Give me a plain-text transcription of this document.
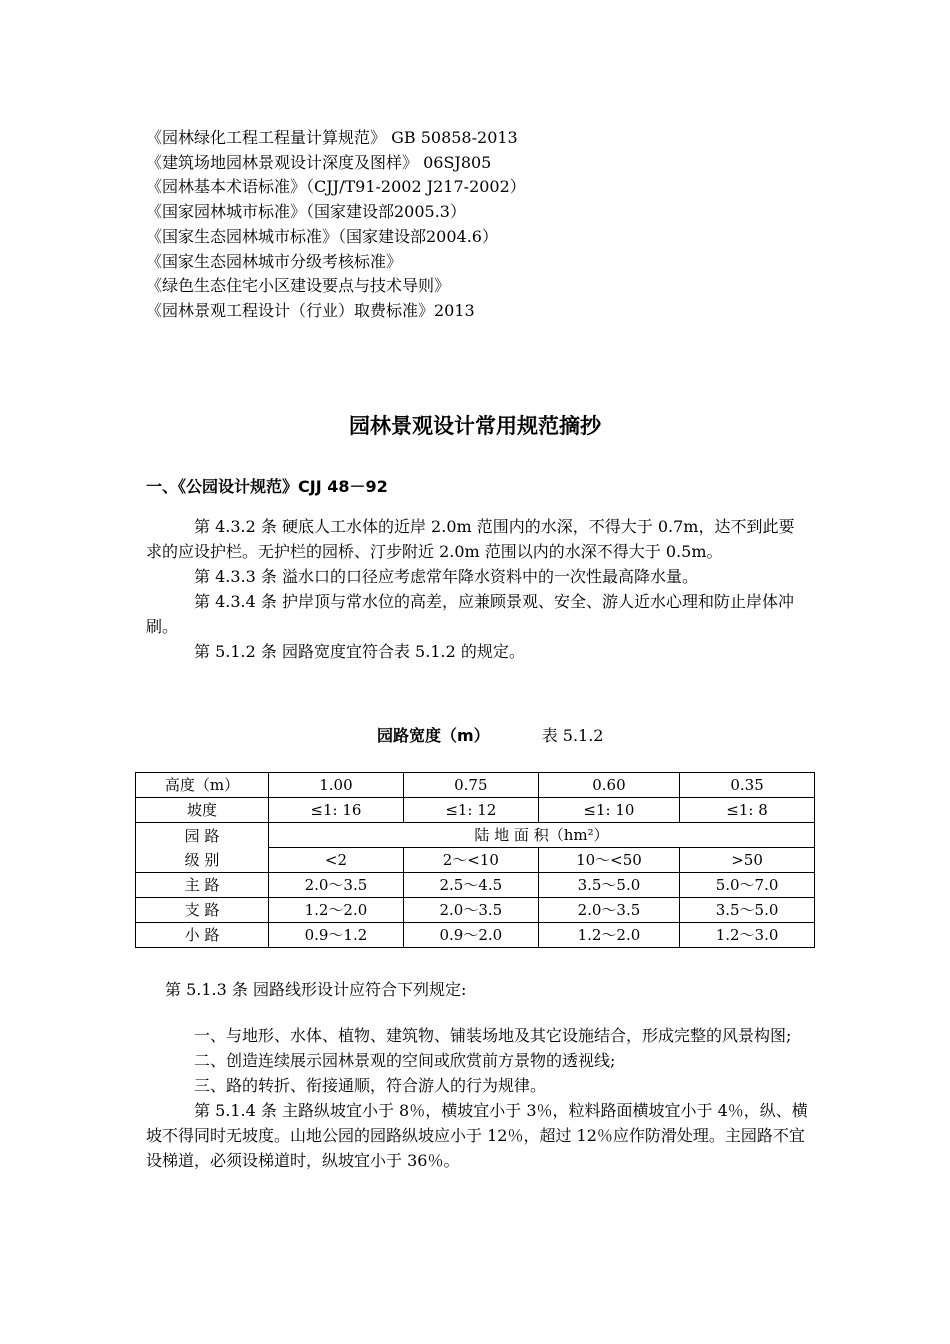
《园林绿化工程工程量计算规范》 GB 50858-2013
《建筑场地园林景观设计深度及图样》 06SJ805
《园林基本术语标准》（CJJ/T91-2002 J217-2002）
《国家园林城市标准》（国家建设部2005.3）
《国家生态园林城市标准》（国家建设部2004.6）
《国家生态园林城市分级考核标准》
《绿色生态住宅小区建设要点与技术导则》
《园林景观工程设计（行业）取费标准》2013
园林景观设计常用规范摘抄
一、《公园设计规范》CJJ 48－92

第 4.3.2 条 硬底人工水体的近岸 2.0m 范围内的水深，不得大于 0.7m，达不到此要求的应设护栏。无护栏的园桥、汀步附近 2.0m 范围以内的水深不得大于 0.5m。

第 4.3.3 条 溢水口的口径应考虑常年降水资料中的一次性最高降水量。

第 4.3.4 条 护岸顶与常水位的高差，应兼顾景观、安全、游人近水心理和防止岸体冲刷。

第 5.1.2 条 园路宽度宜符合表 5.1.2 的规定。

园路宽度（m）	表 5.1.2
高度（m）	1.00	0.75	0.60	0.35
坡度	≤1: 16	≤1: 12	≤1: 10	≤1: 8

园 路
级 别	陆 地 面 积（hm²）			
	<2	2～<10	10～<50	>50
主 路	2.0～3.5	2.5～4.5	3.5～5.0	5.0～7.0
支 路	1.2～2.0	2.0～3.5	2.0～3.5	3.5～5.0
小 路	0.9～1.2	0.9～2.0	1.2～2.0	1.2～3.0
第 5.1.3 条 园路线形设计应符合下列规定:

一、与地形、水体、植物、建筑物、铺装场地及其它设施结合，形成完整的风景构图;

二、创造连续展示园林景观的空间或欣赏前方景物的透视线;

三、路的转折、衔接通顺，符合游人的行为规律。

第 5.1.4 条 主路纵坡宜小于 8％，横坡宜小于 3％，粒料路面横坡宜小于 4％，纵、横坡不得同时无坡度。山地公园的园路纵坡应小于 12％，超过 12％应作防滑处理。主园路不宜设梯道，必须设梯道时，纵坡宜小于 36％。
